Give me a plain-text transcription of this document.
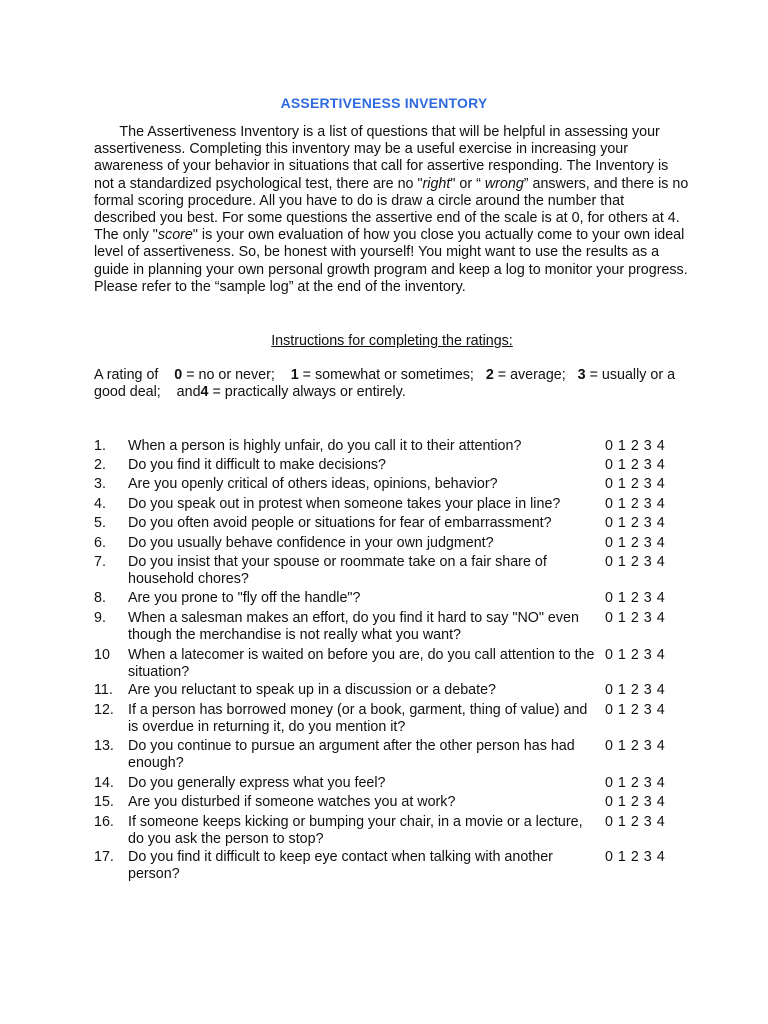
ASSERTIVENESS INVENTORY

   The Assertiveness Inventory is a list of questions that will be helpful in assessing your assertiveness. Completing this inventory may be a useful exercise in increasing your awareness of your behavior in situations that call for assertive responding. The Inventory is not a standardized psychological test, there are no "right" or “ wrong” answers, and there is no formal scoring procedure. All you have to do is draw a circle around the number that described you best. For some questions the assertive end of the scale is at 0, for others at 4. The only "score" is your own evaluation of how you close you actually come to your own ideal level of assertiveness. So, be honest with yourself! You might want to use the results as a guide in planning your own personal growth program and keep a log to monitor your progress. Please refer to the “sample log” at the end of the inventory.

Instructions for completing the ratings:
A rating of 0 = no or never; 1 = somewhat or sometimes; 2 = average; 3 = usually or a good deal; and4 = practically always or entirely.
1. When a person is highly unfair, do you call it to their attention?	0 1 2 3 4
2. Do you find it difficult to make decisions?	0 1 2 3 4
3. Are you openly critical of others ideas, opinions, behavior?	0 1 2 3 4
4. Do you speak out in protest when someone takes your place in line?	0 1 2 3 4
5. Do you often avoid people or situations for fear of embarrassment?	0 1 2 3 4
6. Do you usually behave confidence in your own judgment?	0 1 2 3 4
7. Do you insist that your spouse or roommate take on a fair share of household chores?
0 1 2 3 4
8. Are you prone to "fly off the handle"?	0 1 2 3 4
9. When a salesman makes an effort, do you find it hard to say "NO" even though the merchandise is not really what you want?
0 1 2 3 4
10 When a latecomer is waited on before you are, do you call attention to the situation?
0 1 2 3 4
11. Are you reluctant to speak up in a discussion or a debate?	0 1 2 3 4
12. If a person has borrowed money (or a book, garment, thing of value) and is overdue in returning it, do you mention it?
0 1 2 3 4
13. Do you continue to pursue an argument after the other person has had enough?
0 1 2 3 4
14. Do you generally express what you feel?	0 1 2 3 4
15. Are you disturbed if someone watches you at work?	0 1 2 3 4
16. If someone keeps kicking or bumping your chair, in a movie or a lecture, do you ask the person to stop?
0 1 2 3 4
17. Do you find it difficult to keep eye contact when talking with another person?
0 1 2 3 4
